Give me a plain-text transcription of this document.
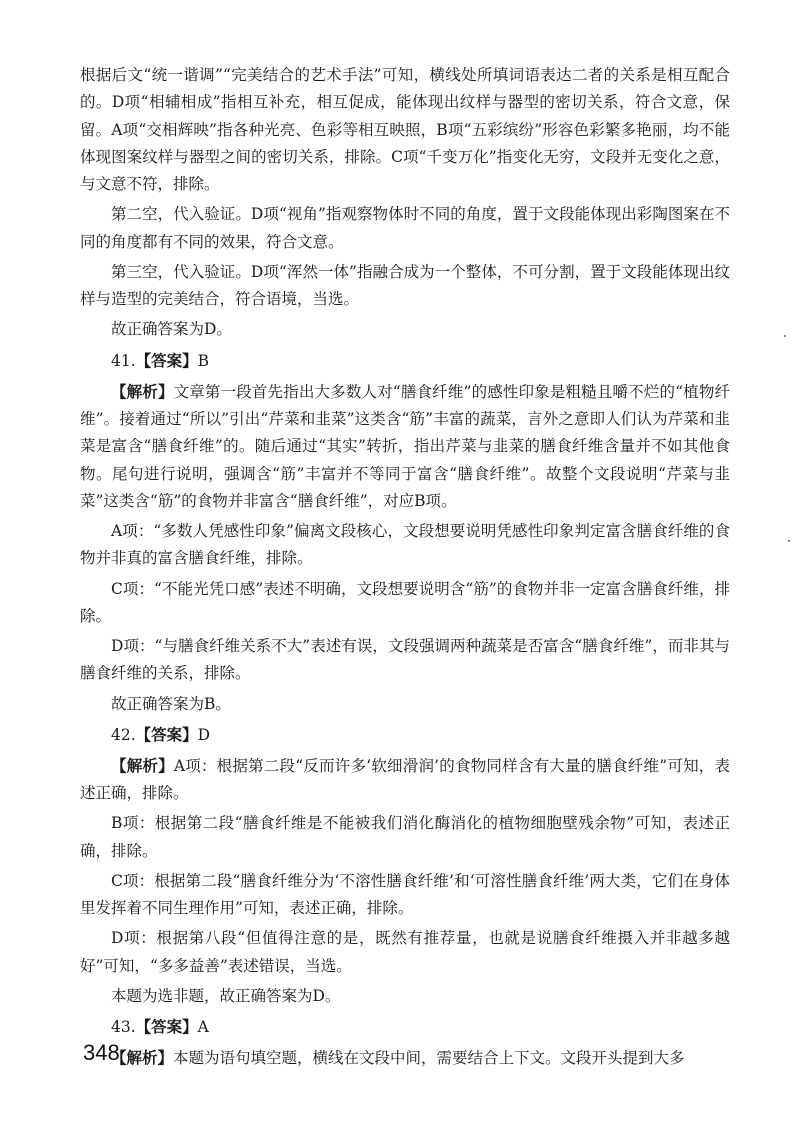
根据后文“统一谐调”“完美结合的艺术手法”可知，横线处所填词语表达二者的关系是相互配合的。D项“相辅相成”指相互补充，相互促成，能体现出纹样与器型的密切关系，符合文意，保留。A项“交相辉映”指各种光亮、色彩等相互映照，B项“五彩缤纷”形容色彩繁多艳丽，均不能体现图案纹样与器型之间的密切关系，排除。C项“千变万化”指变化无穷，文段并无变化之意，与文意不符，排除。

第二空，代入验证。D项“视角”指观察物体时不同的角度，置于文段能体现出彩陶图案在不同的角度都有不同的效果，符合文意。

第三空，代入验证。D项“浑然一体”指融合成为一个整体，不可分割，置于文段能体现出纹样与造型的完美结合，符合语境，当选。

故正确答案为D。

41.【答案】B

【解析】文章第一段首先指出大多数人对“膳食纤维”的感性印象是粗糙且嚼不烂的“植物纤维”。接着通过“所以”引出“芹菜和韭菜”这类含“筋”丰富的蔬菜，言外之意即人们认为芹菜和韭菜是富含“膳食纤维”的。随后通过“其实”转折，指出芹菜与韭菜的膳食纤维含量并不如其他食物。尾句进行说明，强调含“筋”丰富并不等同于富含“膳食纤维”。故整个文段说明“芹菜与韭菜”这类含“筋”的食物并非富含“膳食纤维”，对应B项。

A项：“多数人凭感性印象”偏离文段核心，文段想要说明凭感性印象判定富含膳食纤维的食物并非真的富含膳食纤维，排除。

C项：“不能光凭口感”表述不明确，文段想要说明含“筋”的食物并非一定富含膳食纤维，排除。

D项：“与膳食纤维关系不大”表述有误，文段强调两种蔬菜是否富含“膳食纤维”，而非其与膳食纤维的关系，排除。

故正确答案为B。

42.【答案】D

【解析】A项：根据第二段“反而许多‘软细滑润’的食物同样含有大量的膳食纤维”可知，表述正确，排除。

B项：根据第二段“膳食纤维是不能被我们消化酶消化的植物细胞壁残余物”可知，表述正确，排除。

C项：根据第二段“膳食纤维分为‘不溶性膳食纤维’和‘可溶性膳食纤维’两大类，它们在身体里发挥着不同生理作用”可知，表述正确，排除。

D项：根据第八段“但值得注意的是，既然有推荐量，也就是说膳食纤维摄入并非越多越好”可知，“多多益善”表述错误，当选。

本题为选非题，故正确答案为D。

43.【答案】A

【解析】本题为语句填空题，横线在文段中间，需要结合上下文。文段开头提到大多

348
